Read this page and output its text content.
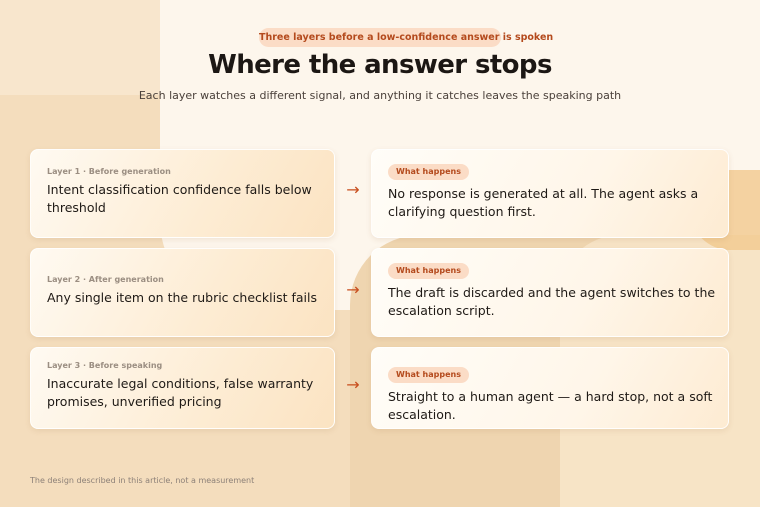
Three layers before a low-confidence answer is spoken
Where the answer stops
Each layer watches a different signal, and anything it catches leaves the speaking path
Layer 1 · Before generation
Intent classification confidence falls below threshold
→
What happens
No response is generated at all. The agent asks a clarifying question first.
Layer 2 · After generation
Any single item on the rubric checklist fails →
What happens
The draft is discarded and the agent switches to the escalation script.
Layer 3 · Before speaking
Inaccurate legal conditions, false warranty promises, unverified pricing
→
What happens
Straight to a human agent — a hard stop, not a soft escalation.
The design described in this article, not a measurement
